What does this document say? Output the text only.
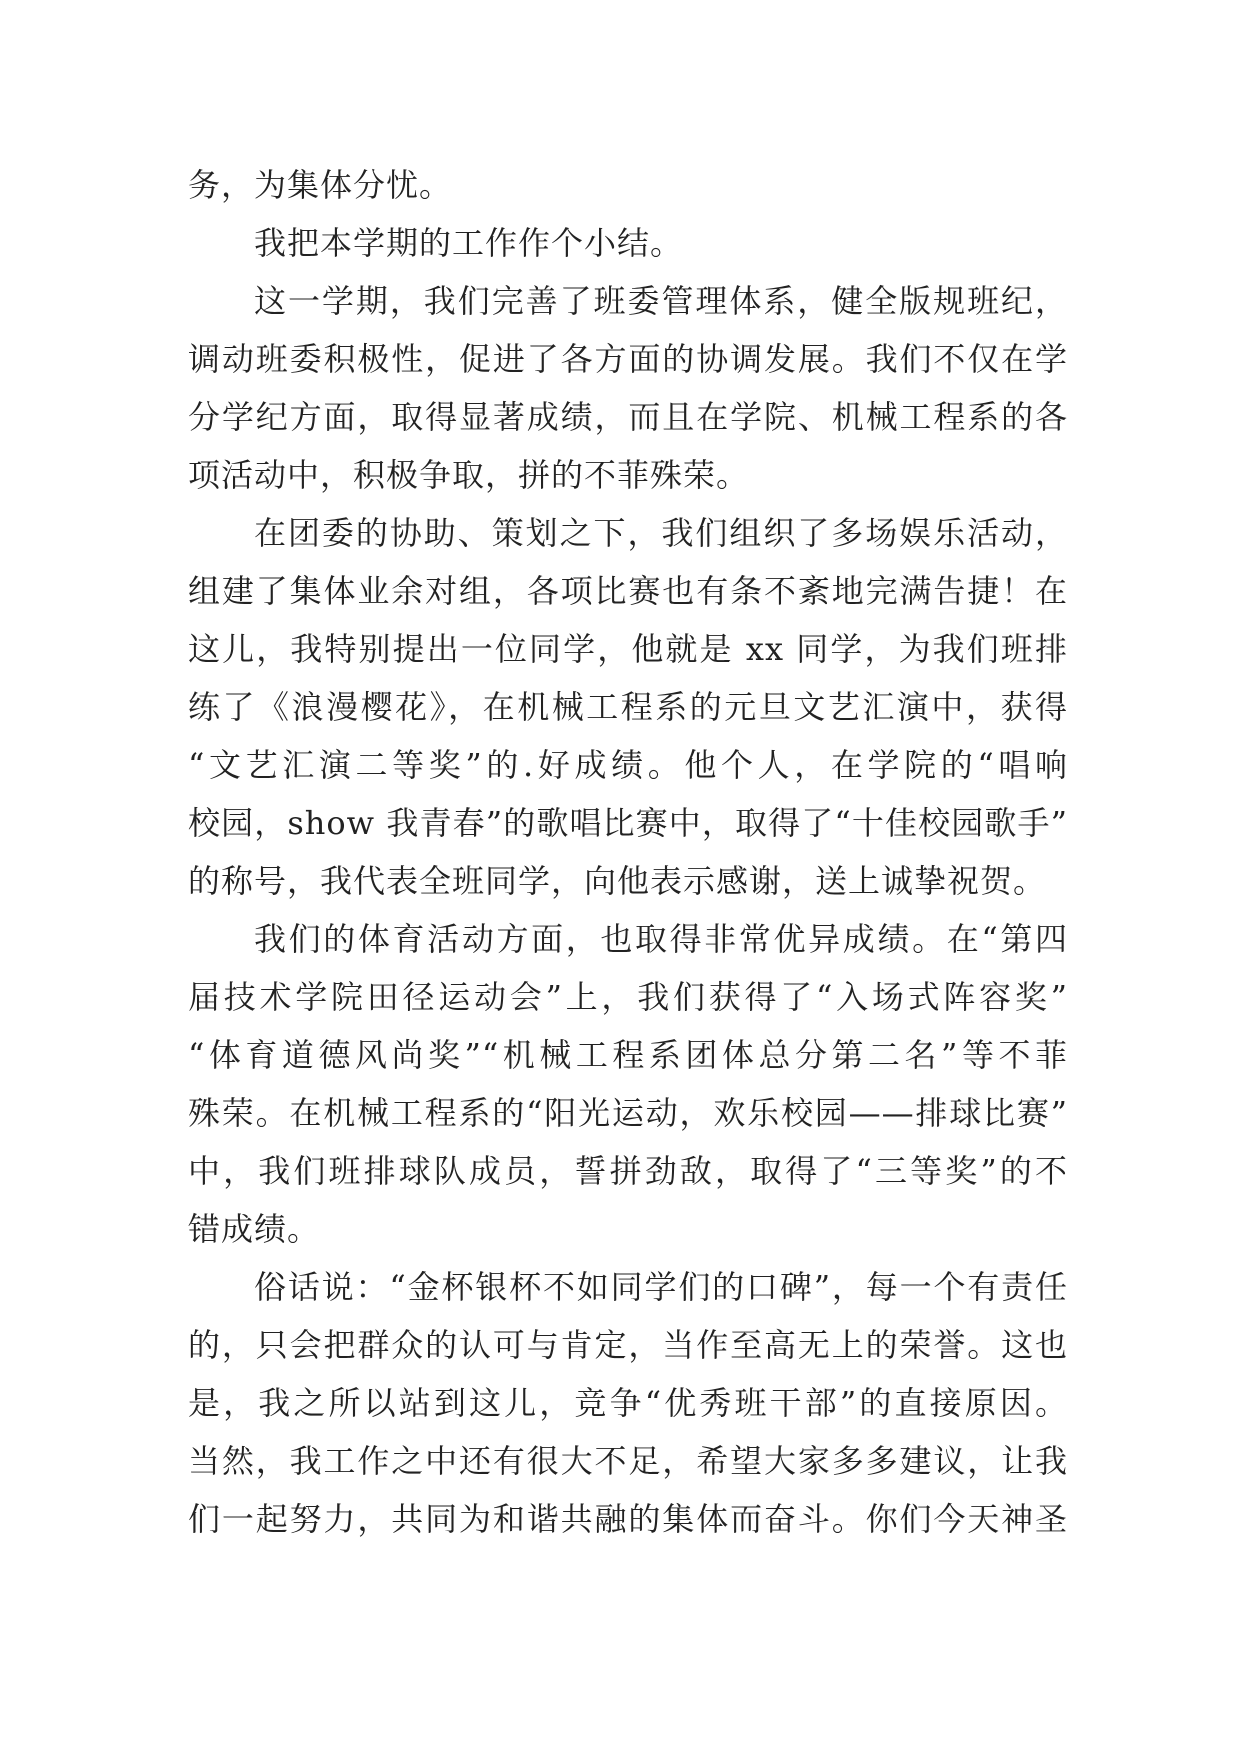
务，为集体分忧。
我把本学期的工作作个小结。
这一学期，我们完善了班委管理体系，健全版规班纪，
调动班委积极性，促进了各方面的协调发展。我们不仅在学
分学纪方面，取得显著成绩，而且在学院、机械工程系的各
项活动中，积极争取，拼的不菲殊荣。
在团委的协助、策划之下，我们组织了多场娱乐活动，
组建了集体业余对组，各项比赛也有条不紊地完满告捷！在
这儿，我特别提出一位同学，他就是 xx 同学，为我们班排
练了《浪漫樱花》，在机械工程系的元旦文艺汇演中，获得
“文艺汇演二等奖”的.好成绩。他个人，在学院的“唱响
校园，show 我青春”的歌唱比赛中，取得了“十佳校园歌手”
的称号，我代表全班同学，向他表示感谢，送上诚挚祝贺。
我们的体育活动方面，也取得非常优异成绩。在“第四
届技术学院田径运动会”上，我们获得了“入场式阵容奖”
“体育道德风尚奖”“机械工程系团体总分第二名”等不菲
殊荣。在机械工程系的“阳光运动，欢乐校园——排球比赛”
中，我们班排球队成员，誓拼劲敌，取得了“三等奖”的不
错成绩。
俗话说：“金杯银杯不如同学们的口碑”，每一个有责任
的，只会把群众的认可与肯定，当作至高无上的荣誉。这也
是，我之所以站到这儿，竞争“优秀班干部”的直接原因。
当然，我工作之中还有很大不足，希望大家多多建议，让我
们一起努力，共同为和谐共融的集体而奋斗。你们今天神圣
